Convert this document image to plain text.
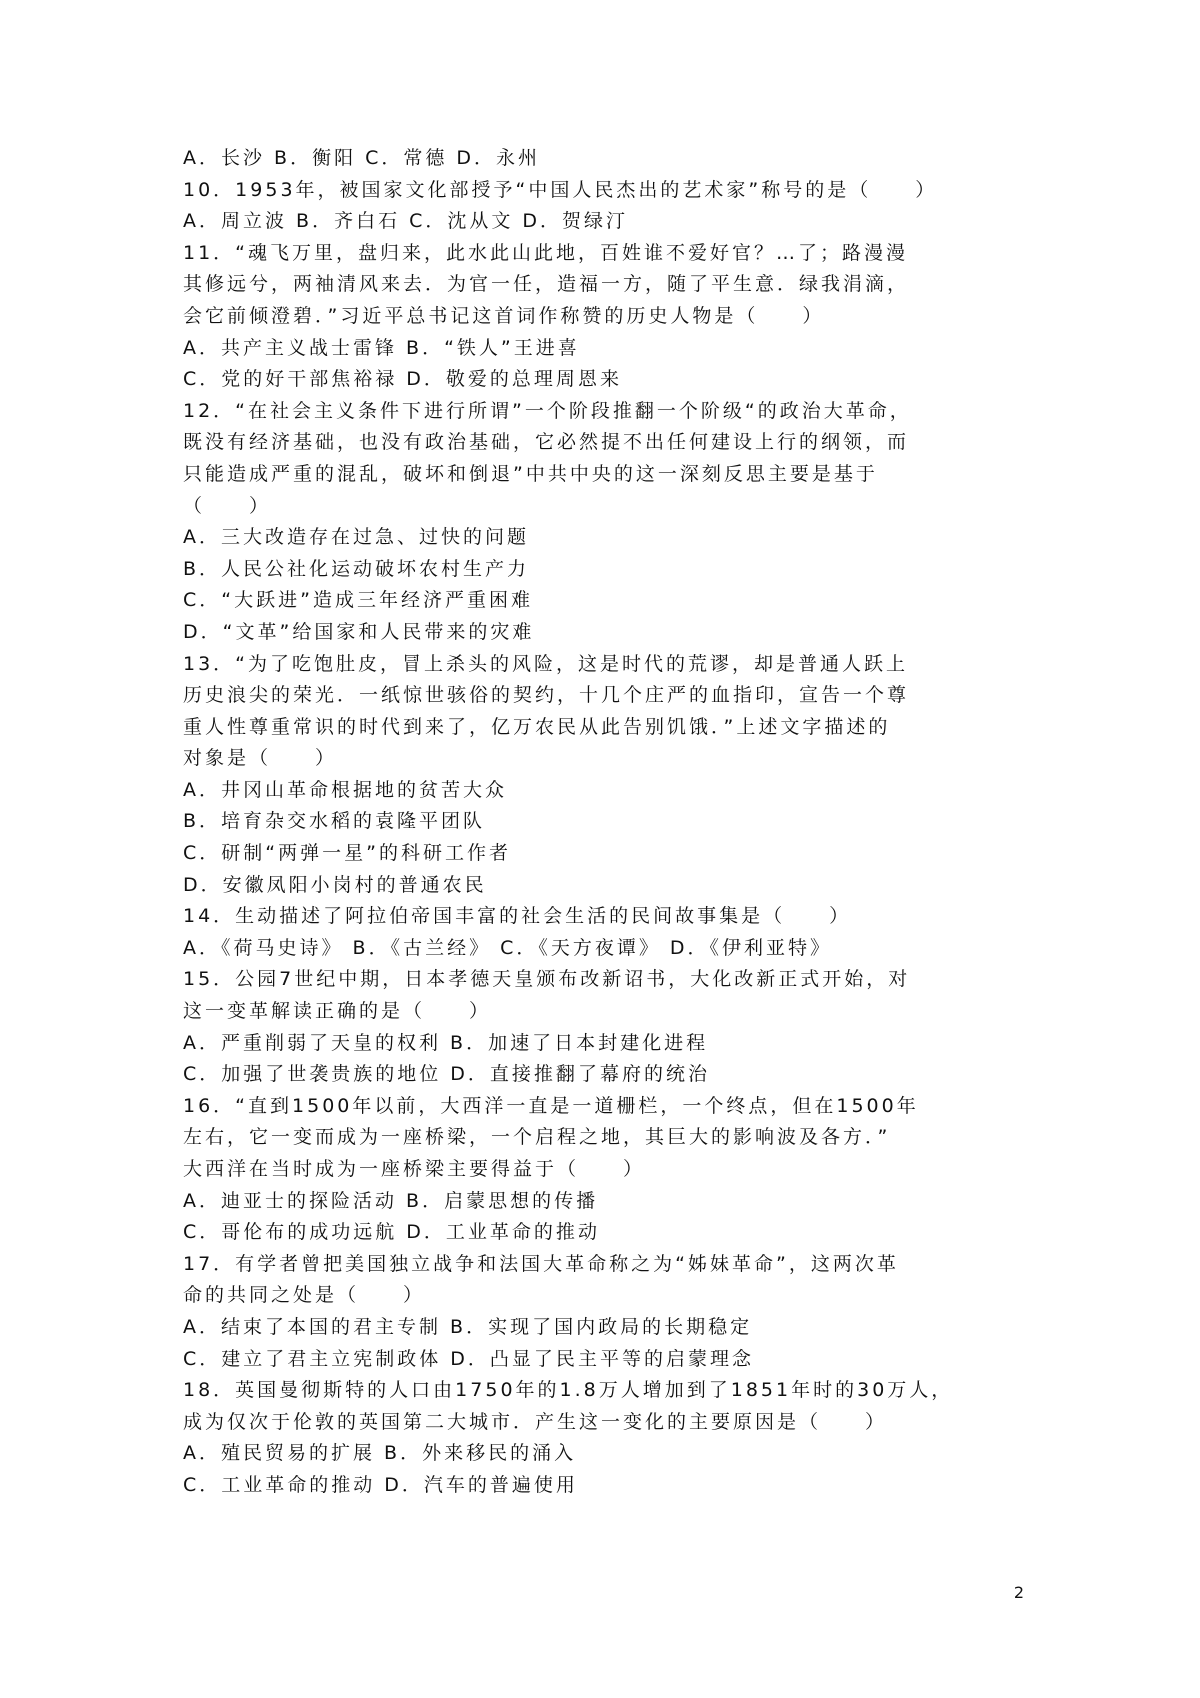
A．长沙 B．衡阳 C．常德 D．永州
10．1953年，被国家文化部授予“中国人民杰出的艺术家”称号的是（　　）
A．周立波 B．齐白石 C．沈从文 D．贺绿汀
11．“魂飞万里，盘归来，此水此山此地，百姓谁不爱好官？…了；路漫漫
其修远兮，两袖清风来去．为官一任，造福一方，随了平生意．绿我涓滴，
会它前倾澄碧．”习近平总书记这首词作称赞的历史人物是（　　）
A．共产主义战士雷锋 B．“铁人”王进喜
C．党的好干部焦裕禄 D．敬爱的总理周恩来
12．“在社会主义条件下进行所谓”一个阶段推翻一个阶级“的政治大革命，
既没有经济基础，也没有政治基础，它必然提不出任何建设上行的纲领，而
只能造成严重的混乱，破坏和倒退”中共中央的这一深刻反思主要是基于
（　　）
A．三大改造存在过急、过快的问题
B．人民公社化运动破坏农村生产力
C．“大跃进”造成三年经济严重困难
D．“文革”给国家和人民带来的灾难
13．“为了吃饱肚皮，冒上杀头的风险，这是时代的荒谬，却是普通人跃上
历史浪尖的荣光．一纸惊世骇俗的契约，十几个庄严的血指印，宣告一个尊
重人性尊重常识的时代到来了，亿万农民从此告别饥饿．”上述文字描述的
对象是（　　）
A．井冈山革命根据地的贫苦大众
B．培育杂交水稻的袁隆平团队
C．研制“两弹一星”的科研工作者
D．安徽凤阳小岗村的普通农民
14．生动描述了阿拉伯帝国丰富的社会生活的民间故事集是（　　）
A．《荷马史诗》 B．《古兰经》 C．《天方夜谭》 D．《伊利亚特》
15．公园7世纪中期，日本孝德天皇颁布改新诏书，大化改新正式开始，对
这一变革解读正确的是（　　）
A．严重削弱了天皇的权利 B．加速了日本封建化进程
C．加强了世袭贵族的地位 D．直接推翻了幕府的统治
16．“直到1500年以前，大西洋一直是一道栅栏，一个终点，但在1500年
左右，它一变而成为一座桥梁，一个启程之地，其巨大的影响波及各方．”
大西洋在当时成为一座桥梁主要得益于（　　）
A．迪亚士的探险活动 B．启蒙思想的传播
C．哥伦布的成功远航 D．工业革命的推动
17．有学者曾把美国独立战争和法国大革命称之为“姊妹革命”，这两次革
命的共同之处是（　　）
A．结束了本国的君主专制 B．实现了国内政局的长期稳定
C．建立了君主立宪制政体 D．凸显了民主平等的启蒙理念
18．英国曼彻斯特的人口由1750年的1.8万人增加到了1851年时的30万人，
成为仅次于伦敦的英国第二大城市．产生这一变化的主要原因是（　　）
A．殖民贸易的扩展 B．外来移民的涌入
C．工业革命的推动 D．汽车的普遍使用
2
